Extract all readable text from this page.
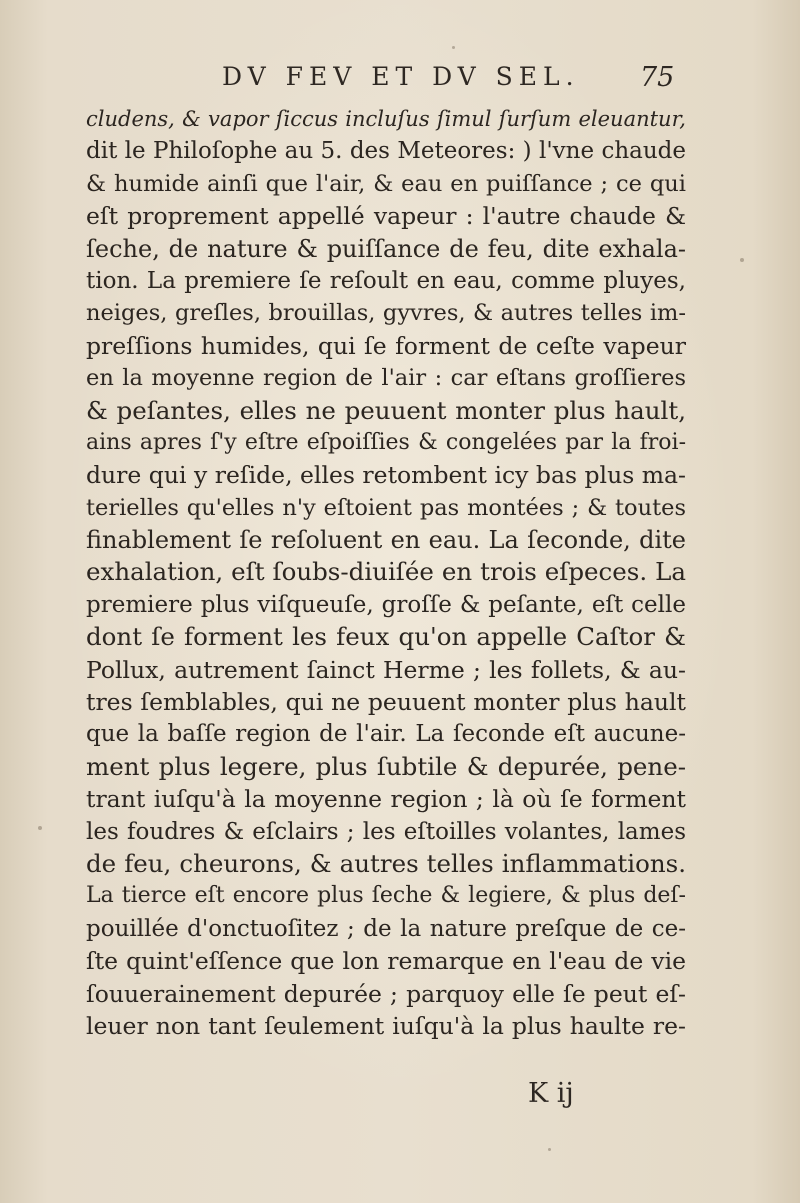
DV FEV ET DV SEL. 75
cludens, & vapor ſiccus incluſus ſimul ſurſum eleuantur,
dit le Philoſophe au 5. des Meteores: ) l'vne chaude
& humide ainſi que l'air, & eau en puiſſance ; ce qui
eſt proprement appellé vapeur : l'autre chaude &
ſeche, de nature & puiſſance de feu, dite exhala-
tion. La premiere ſe reſoult en eau, comme pluyes,
neiges, greſles, brouillas, gyvres, & autres telles im-
preſſions humides, qui ſe forment de ceſte vapeur
en la moyenne region de l'air : car eſtans groſſieres
& peſantes, elles ne peuuent monter plus hault,
ains apres ſ'y eſtre eſpoiſſies & congelées par la froi-
dure qui y reſide, elles retombent icy bas plus ma-
terielles qu'elles n'y eſtoient pas montées ; & toutes
finablement ſe reſoluent en eau. La ſeconde, dite
exhalation, eſt ſoubs-diuiſée en trois eſpeces. La
premiere plus viſqueuſe, groſſe & peſante, eſt celle
dont ſe forment les feux qu'on appelle Caſtor &
Pollux, autrement ſainct Herme ; les follets, & au-
tres ſemblables, qui ne peuuent monter plus hault
que la baſſe region de l'air. La ſeconde eſt aucune-
ment plus legere, plus ſubtile & depurée, pene-
trant iuſqu'à la moyenne region ; là où ſe forment
les foudres & eſclairs ; les eſtoilles volantes, lames
de feu, cheurons, & autres telles inflammations.
La tierce eſt encore plus ſeche & legiere, & plus deſ-
pouillée d'onctuoſitez ; de la nature preſque de ce-
ſte quint'eſſence que lon remarque en l'eau de vie
ſouuerainement depurée ; parquoy elle ſe peut eſ-
leuer non tant ſeulement iuſqu'à la plus haulte re-
K ij
